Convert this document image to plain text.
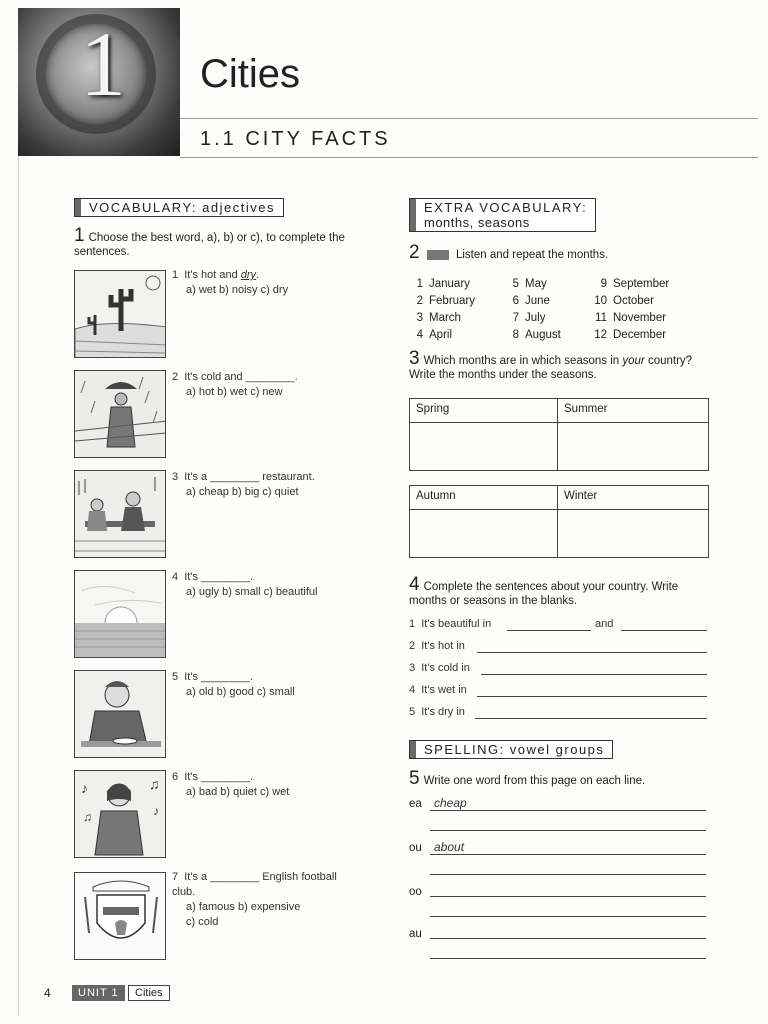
1 Cities
1.1 CITY FACTS
VOCABULARY: adjectives
1 Choose the best word, a), b) or c), to complete the sentences.
1 It's hot and dry.
a) wet b) noisy c) dry
2 It's cold and ________.
a) hot b) wet c) new
3 It's a ________ restaurant.
a) cheap b) big c) quiet
4 It's ________.
a) ugly b) small c) beautiful
5 It's ________.
a) old b) good c) small
♪	♫
♪
♫
6 It's ________.
a) bad b) quiet c) wet
7 It's a ________ English football club.
a) famous b) expensive
c) cold
EXTRA VOCABULARY:
months, seasons
2	Listen and repeat the months.
1 January
2 February
3 March
4 April
5 May
6 June
7 July
8 August
9 September
10 October
11 November
12 December
3 Which months are in which seasons in your country? Write the months under the seasons.
Spring	Summer

Autumn	Winter

4 Complete the sentences about your country. Write months or seasons in the blanks.
1 It's beautiful in	and
2 It's hot in
3 It's cold in
4 It's wet in
5 It's dry in
SPELLING: vowel groups
5 Write one word from this page on each line.
ea cheap
ou about
oo
au
4	UNIT 1	Cities
